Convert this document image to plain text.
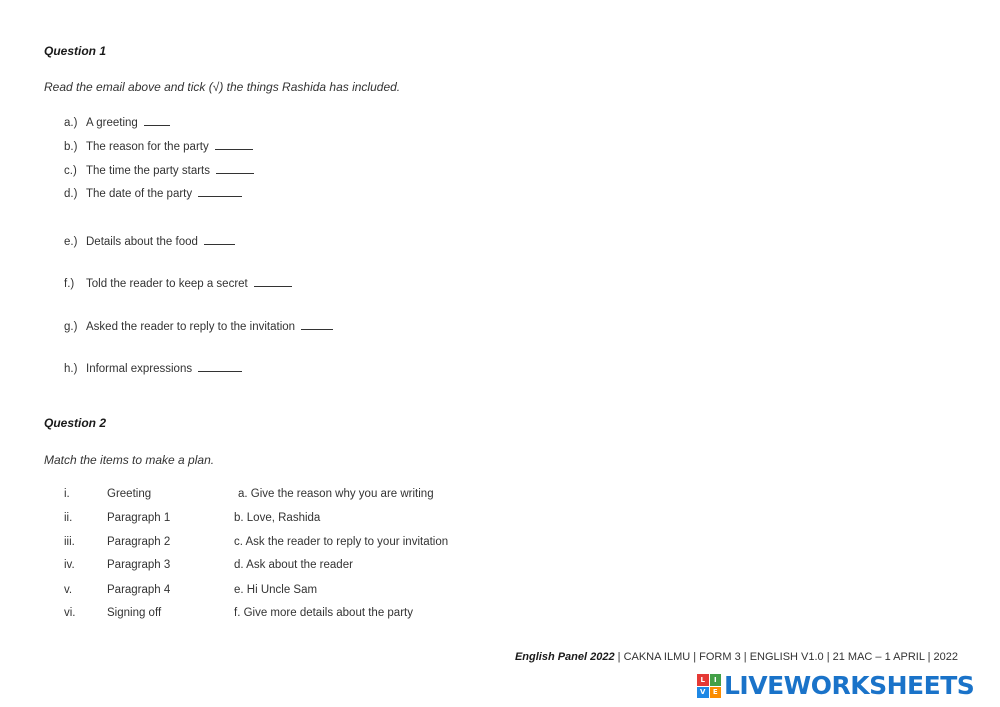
Question 1
Read the email above and tick (√) the things Rashida has included.
a.) A greeting
b.) The reason for the party
c.) The time the party starts
d.) The date of the party
e.) Details about the food
f.) Told the reader to keep a secret
g.) Asked the reader to reply to the invitation
h.) Informal expressions
Question 2
Match the items to make a plan.
i.	Greeting	a. Give the reason why you are writing
ii.	Paragraph 1	b. Love, Rashida
iii.	Paragraph 2	c. Ask the reader to reply to your invitation
iv.	Paragraph 3	d. Ask about the reader
v.	Paragraph 4	e. Hi Uncle Sam
vi.	Signing off	f. Give more details about the party
English Panel 2022 | CAKNA ILMU | FORM 3 | ENGLISH V1.0 | 21 MAC – 1 APRIL | 2022
L	I
V	E LIVEWORKSHEETS
